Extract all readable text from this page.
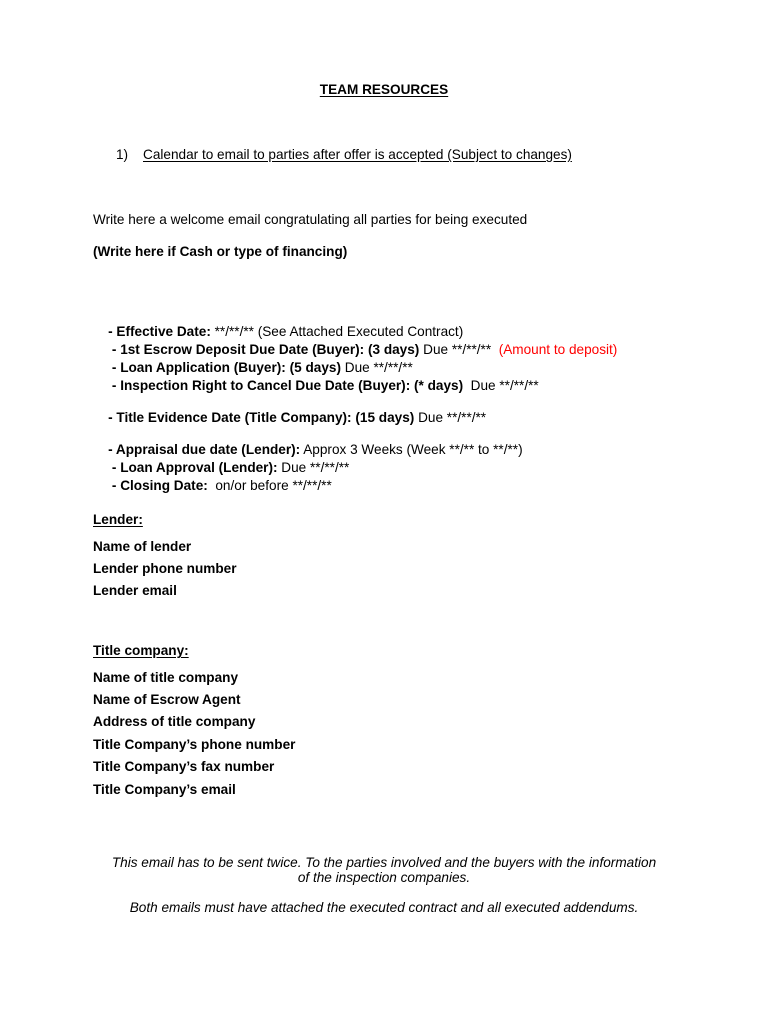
TEAM RESOURCES
1) Calendar to email to parties after offer is accepted (Subject to changes)
Write here a welcome email congratulating all parties for being executed
(Write here if Cash or type of financing)

- Effective Date: **/**/** (See Attached Executed Contract)

- 1st Escrow Deposit Due Date (Buyer): (3 days) Due **/**/**  (Amount to deposit)

- Loan Application (Buyer): (5 days) Due **/**/**

- Inspection Right to Cancel Due Date (Buyer): (* days)  Due **/**/**

- Title Evidence Date (Title Company): (15 days) Due **/**/**

- Appraisal due date (Lender): Approx 3 Weeks (Week **/** to **/**)

- Loan Approval (Lender): Due **/**/**

- Closing Date:  on/or before **/**/**

Lender:
Name of lender
Lender phone number
Lender email
Title company:
Name of title company
Name of Escrow Agent
Address of title company
Title Company’s phone number
Title Company’s fax number
Title Company’s email
This email has to be sent twice. To the parties involved and the buyers with the information
of the inspection companies.
Both emails must have attached the executed contract and all executed addendums.
